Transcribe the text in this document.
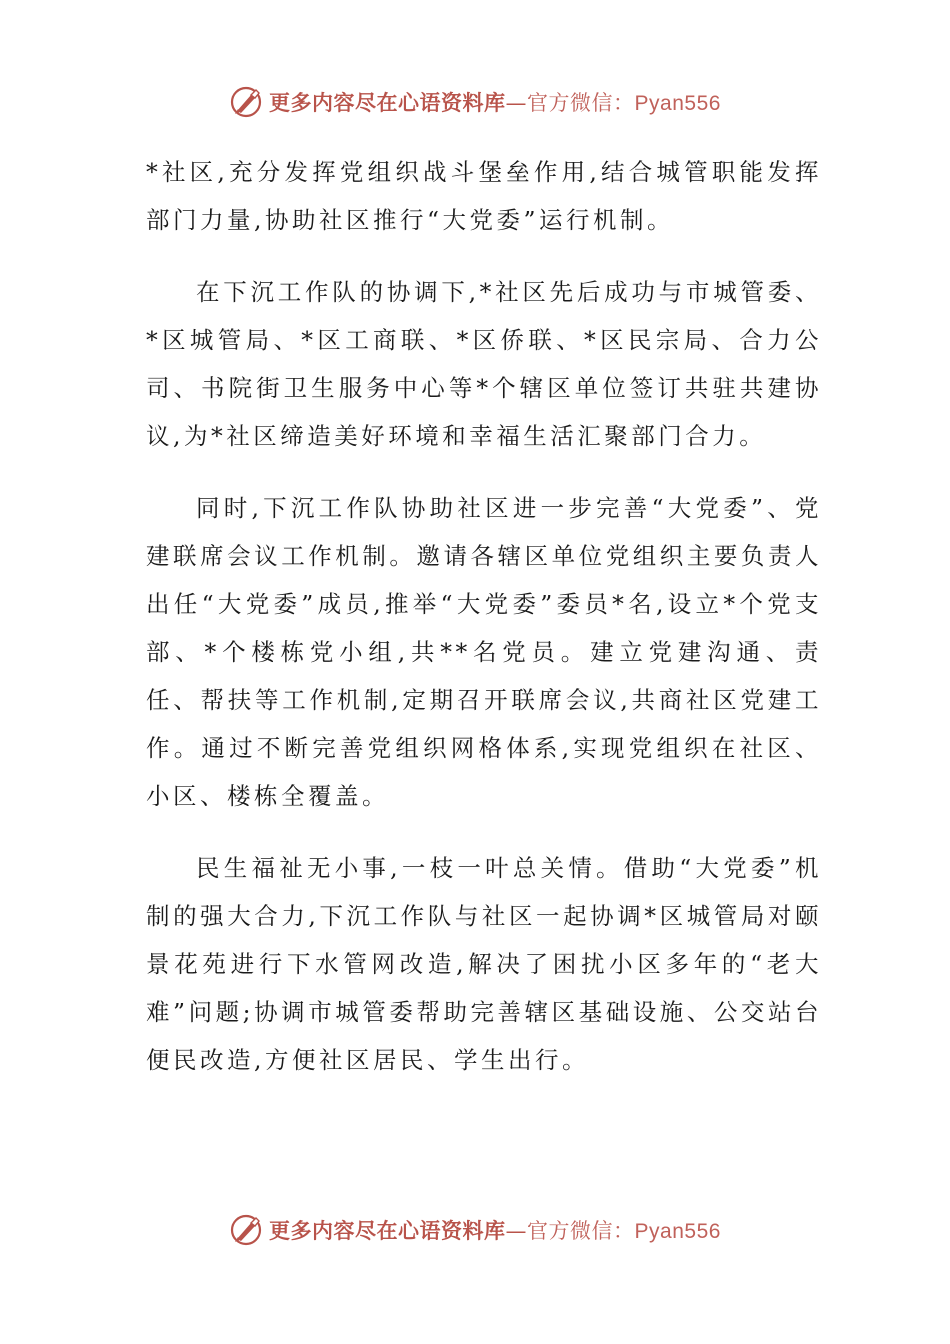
更多内容尽在心语资料库—官方微信：Pyan556

*社区,充分发挥党组织战斗堡垒作用,结合城管职能发挥部门力量,协助社区推行“大党委”运行机制。

在下沉工作队的协调下,*社区先后成功与市城管委、*区城管局、*区工商联、*区侨联、*区民宗局、合力公司、书院街卫生服务中心等*个辖区单位签订共驻共建协议,为*社区缔造美好环境和幸福生活汇聚部门合力。

同时,下沉工作队协助社区进一步完善“大党委”、党建联席会议工作机制。邀请各辖区单位党组织主要负责人出任“大党委”成员,推举“大党委”委员*名,设立*个党支部、*个楼栋党小组,共**名党员。建立党建沟通、责任、帮扶等工作机制,定期召开联席会议,共商社区党建工作。通过不断完善党组织网格体系,实现党组织在社区、小区、楼栋全覆盖。

民生福祉无小事,一枝一叶总关情。借助“大党委”机制的强大合力,下沉工作队与社区一起协调*区城管局对颐景花苑进行下水管网改造,解决了困扰小区多年的“老大难”问题;协调市城管委帮助完善辖区基础设施、公交站台便民改造,方便社区居民、学生出行。

更多内容尽在心语资料库—官方微信：Pyan556
